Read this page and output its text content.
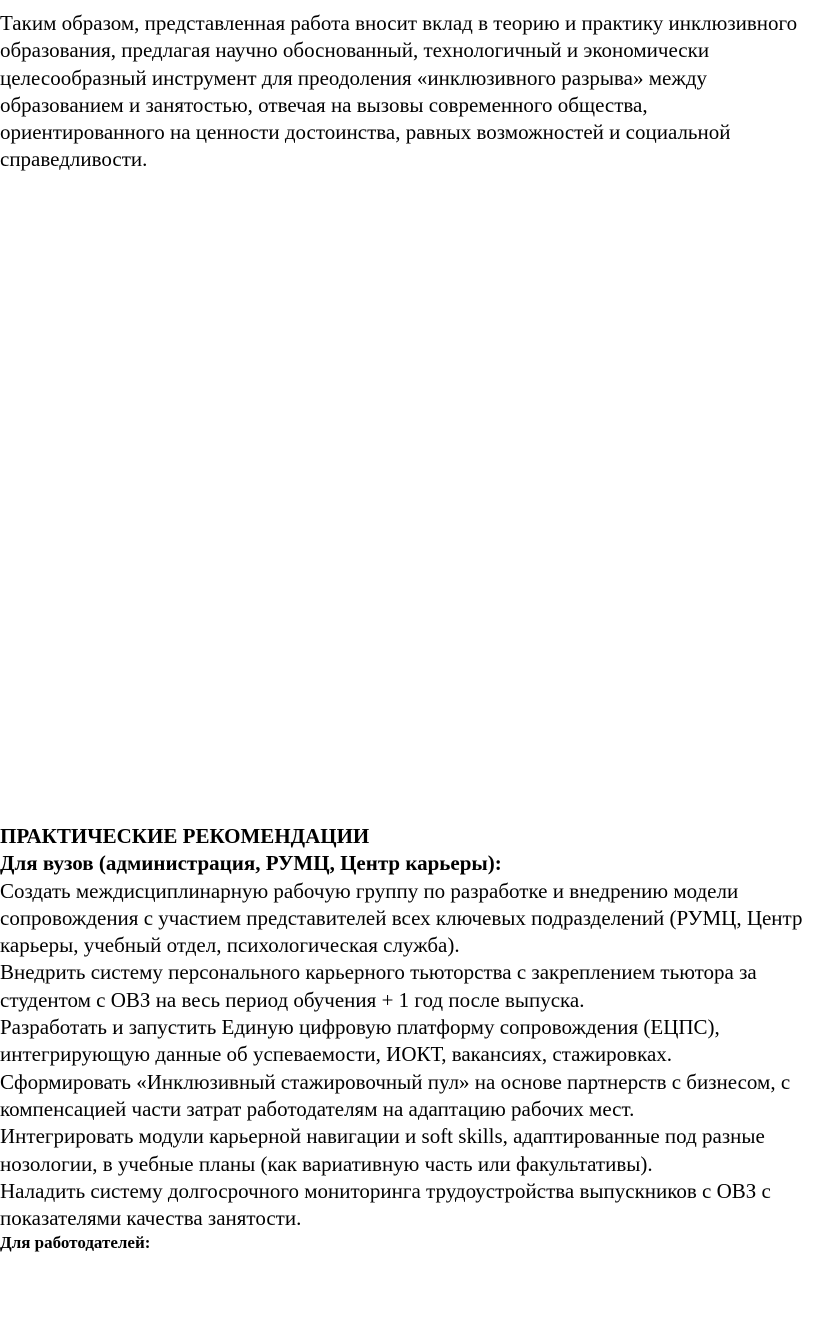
Таким образом, представленная работа вносит вклад в теорию и практику инклюзивного образования, предлагая научно обоснованный, технологичный и экономически целесообразный инструмент для преодоления «инклюзивного разрыва» между образованием и занятостью, отвечая на вызовы современного общества, ориентированного на ценности достоинства, равных возможностей и социальной справедливости.

ПРАКТИЧЕСКИЕ РЕКОМЕНДАЦИИ

Для вузов (администрация, РУМЦ, Центр карьеры):

Создать междисциплинарную рабочую группу по разработке и внедрению модели сопровождения с участием представителей всех ключевых подразделений (РУМЦ, Центр карьеры, учебный отдел, психологическая служба).

Внедрить систему персонального карьерного тьюторства с закреплением тьютора за студентом с ОВЗ на весь период обучения + 1 год после выпуска.

Разработать и запустить Единую цифровую платформу сопровождения (ЕЦПС), интегрирующую данные об успеваемости, ИОКТ, вакансиях, стажировках.

Сформировать «Инклюзивный стажировочный пул» на основе партнерств с бизнесом, с компенсацией части затрат работодателям на адаптацию рабочих мест.

Интегрировать модули карьерной навигации и soft skills, адаптированные под разные нозологии, в учебные планы (как вариативную часть или факультативы).

Наладить систему долгосрочного мониторинга трудоустройства выпускников с ОВЗ с показателями качества занятости.

Для работодателей:
